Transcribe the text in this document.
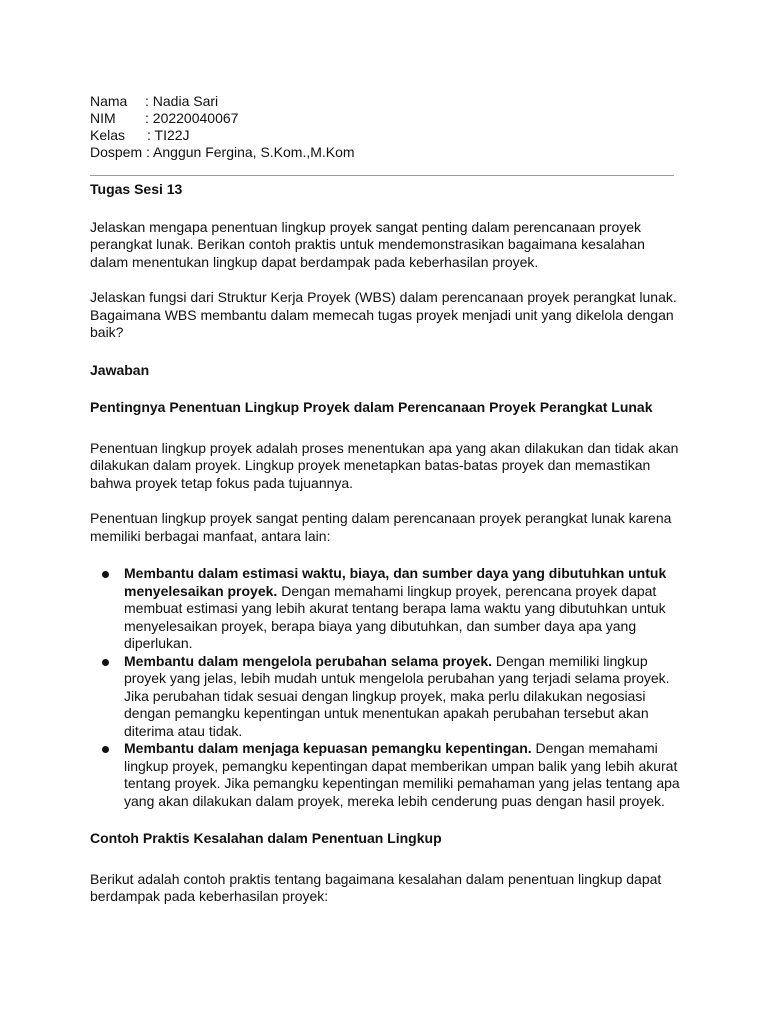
Nama : Nadia Sari
NIM : 20220040067
Kelas : TI22J
Dospem : Anggun Fergina, S.Kom.,M.Kom

Tugas Sesi 13

Jelaskan mengapa penentuan lingkup proyek sangat penting dalam perencanaan proyek perangkat lunak. Berikan contoh praktis untuk mendemonstrasikan bagaimana kesalahan dalam menentukan lingkup dapat berdampak pada keberhasilan proyek.

Jelaskan fungsi dari Struktur Kerja Proyek (WBS) dalam perencanaan proyek perangkat lunak. Bagaimana WBS membantu dalam memecah tugas proyek menjadi unit yang dikelola dengan baik?

Jawaban

Pentingnya Penentuan Lingkup Proyek dalam Perencanaan Proyek Perangkat Lunak

Penentuan lingkup proyek adalah proses menentukan apa yang akan dilakukan dan tidak akan dilakukan dalam proyek. Lingkup proyek menetapkan batas-batas proyek dan memastikan bahwa proyek tetap fokus pada tujuannya.

Penentuan lingkup proyek sangat penting dalam perencanaan proyek perangkat lunak karena memiliki berbagai manfaat, antara lain:

Membantu dalam estimasi waktu, biaya, dan sumber daya yang dibutuhkan untuk menyelesaikan proyek. Dengan memahami lingkup proyek, perencana proyek dapat membuat estimasi yang lebih akurat tentang berapa lama waktu yang dibutuhkan untuk menyelesaikan proyek, berapa biaya yang dibutuhkan, dan sumber daya apa yang diperlukan.
Membantu dalam mengelola perubahan selama proyek. Dengan memiliki lingkup proyek yang jelas, lebih mudah untuk mengelola perubahan yang terjadi selama proyek. Jika perubahan tidak sesuai dengan lingkup proyek, maka perlu dilakukan negosiasi dengan pemangku kepentingan untuk menentukan apakah perubahan tersebut akan diterima atau tidak.
Membantu dalam menjaga kepuasan pemangku kepentingan. Dengan memahami lingkup proyek, pemangku kepentingan dapat memberikan umpan balik yang lebih akurat tentang proyek. Jika pemangku kepentingan memiliki pemahaman yang jelas tentang apa yang akan dilakukan dalam proyek, mereka lebih cenderung puas dengan hasil proyek.

Contoh Praktis Kesalahan dalam Penentuan Lingkup

Berikut adalah contoh praktis tentang bagaimana kesalahan dalam penentuan lingkup dapat berdampak pada keberhasilan proyek:
